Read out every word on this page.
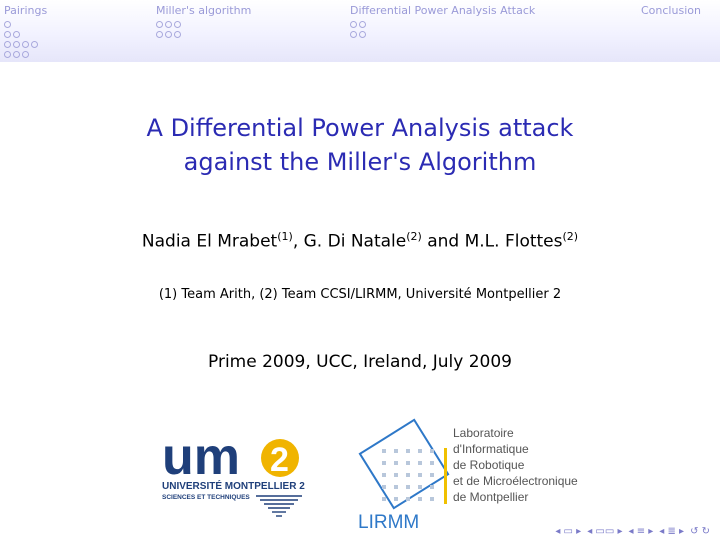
Pairings	Miller's algorithm	Differential Power Analysis Attack	Conclusion
A Differential Power Analysis attack
against the Miller's Algorithm
Nadia El Mrabet$^{(1)}$, G. Di Natale$^{(2)}$ and M.L. Flottes$^{(2)}$
(1) Team Arith, (2) Team CCSI/LIRMM, Université Montpellier 2
Prime 2009, UCC, Ireland, July 2009
um 2
UNIVERSITÉ MONTPELLIER 2
SCIENCES ET TECHNIQUES
Laboratoire
d'Informatique
de Robotique
et de Microélectronique
de Montpellier
LIRMM	◂ ▭ ▸ ◂ ▭▭ ▸ ◂ ≡ ▸ ◂ ≣ ▸ ↺ ↻
